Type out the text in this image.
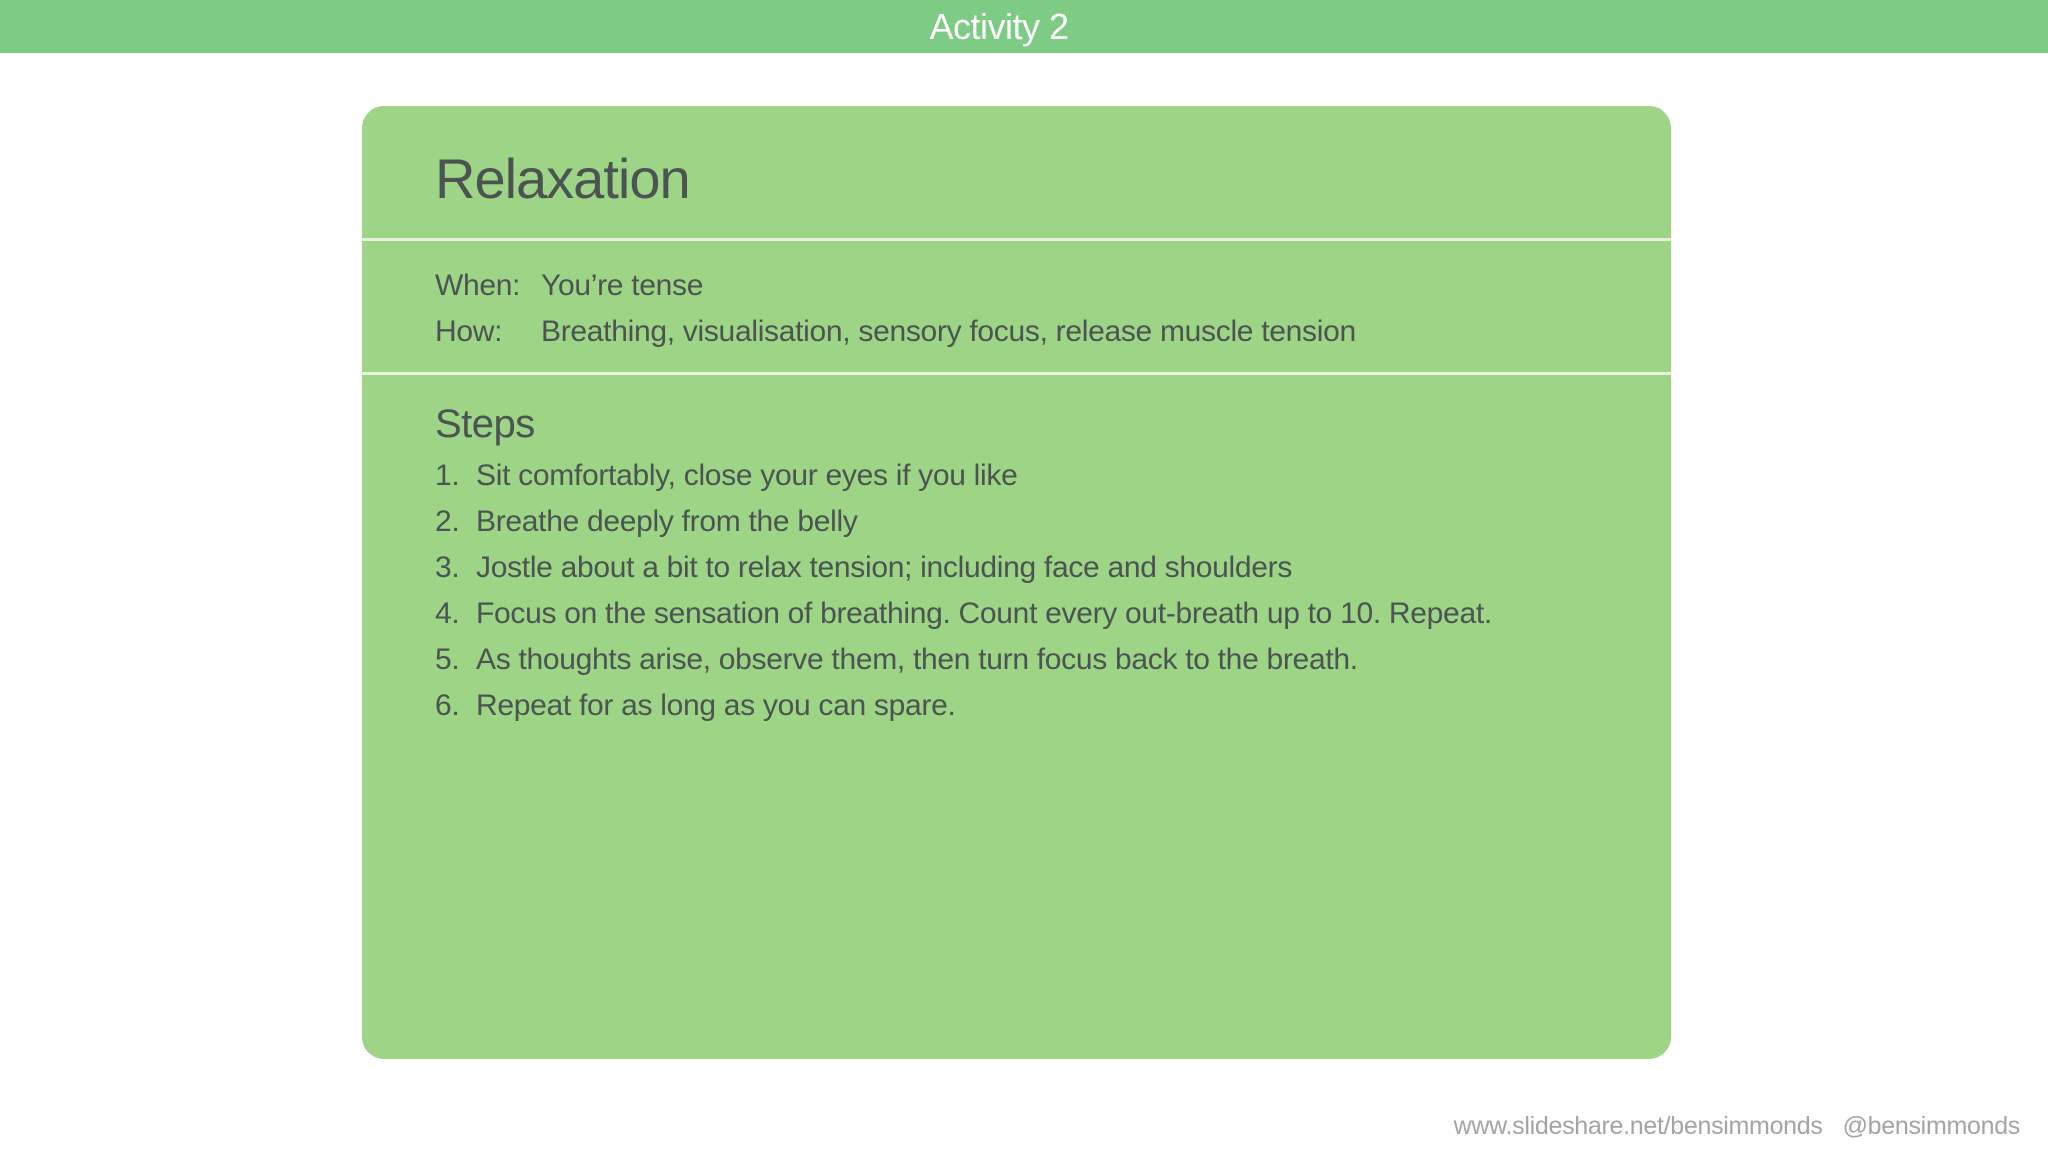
Activity 2
Relaxation
When: You’re tense
How: Breathing, visualisation, sensory focus, release muscle tension
Steps
1. Sit comfortably, close your eyes if you like
2. Breathe deeply from the belly
3. Jostle about a bit to relax tension; including face and shoulders
4. Focus on the sensation of breathing. Count every out-breath up to 10. Repeat.
5. As thoughts arise, observe them, then turn focus back to the breath.
6. Repeat for as long as you can spare.
www.slideshare.net/bensimmonds @bensimmonds
